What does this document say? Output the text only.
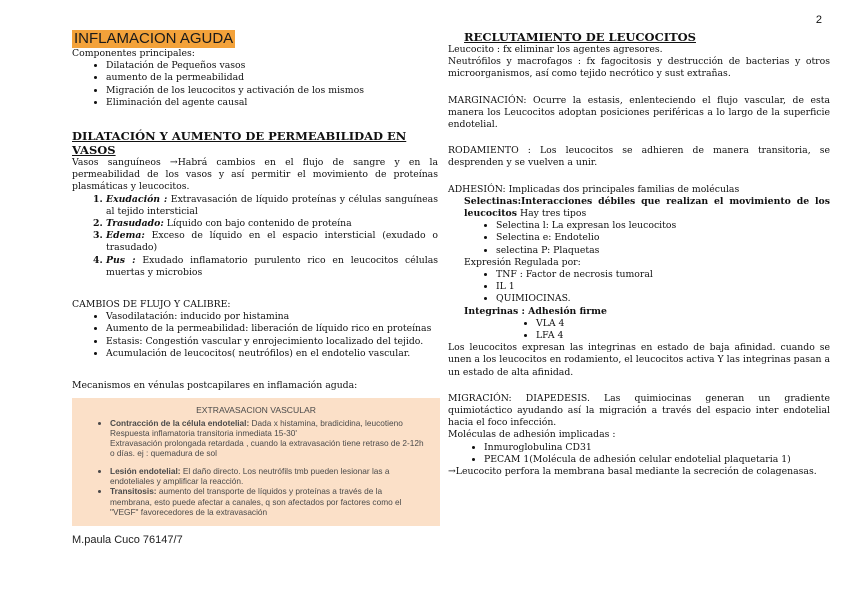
2
INFLAMACION AGUDA
Componentes principales:
• Dilatación de Pequeños vasos
• aumento de la permeabilidad
• Migración de los leucocitos y activación de los mismos
• Eliminación del agente causal
DILATACIÓN Y AUMENTO DE PERMEABILIDAD EN VASOS
Vasos sanguíneos →Habrá cambios en el flujo de sangre y en la permeabilidad de los vasos y así permitir el movimiento de proteínas plasmáticas y leucocitos.
1. Exudación : Extravasación de líquido proteínas y células sanguíneas al tejido intersticial
2. Trasudado: Líquido con bajo contenido de proteína
3. Edema: Exceso de líquido en el espacio intersticial (exudado o trasudado)
4. Pus : Exudado inflamatorio purulento rico en leucocitos células muertas y microbios
CAMBIOS DE FLUJO Y CALIBRE:
• Vasodilatación: inducido por histamina
• Aumento de la permeabilidad: liberación de líquido rico en proteínas
• Estasis: Congestión vascular y enrojecimiento localizado del tejido.
• Acumulación de leucocitos( neutrófilos) en el endotelio vascular.
Mecanismos en vénulas postcapilares en inflamación aguda:
EXTRAVASACION VASCULAR
• Contracción de la célula endotelial: Dada x histamina, bradicidina, leucotieno
Respuesta inflamatoria transitoria inmediata 15-30'
Extravasación prolongada retardada , cuando la extravasación tiene retraso de 2-12h o días. ej : quemadura de sol
• Lesión endotelial: El daño directo. Los neutrófils tmb pueden lesionar las a endoteliales y amplificar la reacción.
• Transitosis: aumento del transporte de líquidos y proteínas a través de la membrana, esto puede afectar a canales, q son afectados por factores como el "VEGF" favorecedores de la extravasación
RECLUTAMIENTO DE LEUCOCITOS
Leucocito : fx eliminar los agentes agresores.
Neutrófilos y macrofagos : fx fagocitosis y destrucción de bacterias y otros microorganismos, así como tejido necrótico y sust extrañas.
MARGINACIÓN: Ocurre la estasis, enlenteciendo el flujo vascular, de esta manera los Leucocitos adoptan posiciones periféricas a lo largo de la superficie endotelial.
RODAMIENTO : Los leucocitos se adhieren de manera transitoria, se desprenden y se vuelven a unir.
ADHESIÓN: Implicadas dos principales familias de moléculas
Selectinas:Interacciones débiles que realizan el movimiento de los leucocitos Hay tres tipos
• Selectina l: La expresan los leucocitos
• Selectina e: Endotelio
• selectina P: Plaquetas
Expresión Regulada por:
• TNF : Factor de necrosis tumoral
• IL 1
• QUIMIOCINAS.
Integrinas : Adhesión firme
• VLA 4
• LFA 4
Los leucocitos expresan las integrinas en estado de baja afinidad. cuando se unen a los leucocitos en rodamiento, el leucocitos activa Y las integrinas pasan a un estado de alta afinidad.
MIGRACIÓN: DIAPEDESIS. Las quimiocinas generan un gradiente quimiotáctico ayudando así la migración a través del espacio inter endotelial hacia el foco infección.
Moléculas de adhesión implicadas :
• Inmuroglobulina CD31
• PECAM 1(Molécula de adhesión celular endotelial plaquetaria 1)
→Leucocito perfora la membrana basal mediante la secreción de colagenasas.
M.paula Cuco 76147/7
